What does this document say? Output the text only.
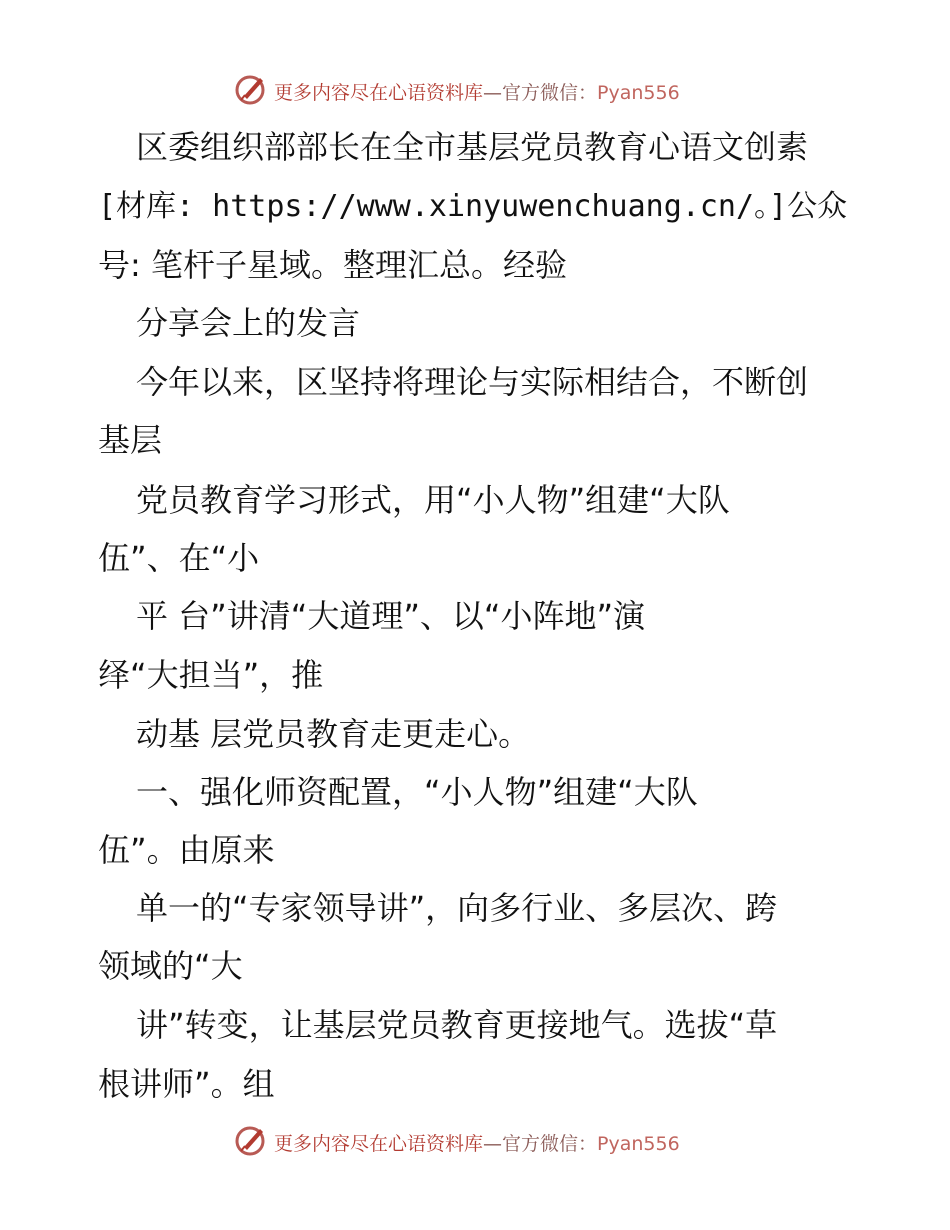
更多内容尽在心语资料库—官方微信：Pyan556
区委组织部部长在全市基层党员教育心语文创素
[材库: https://www.xinyuwenchuang.cn/。]公众
号: 笔杆子星域。整理汇总。经验
分享会上的发言
今年以来，区坚持将理论与实际相结合，不断创
基层
党员教育学习形式，用“小人物”组建“大队
伍”、在“小
平 台”讲清“大道理”、以“小阵地”演
绎“大担当”，推
动基 层党员教育走更走心。
一、强化师资配置，“小人物”组建“大队
伍”。由原来
单一的“专家领导讲”，向多行业、多层次、跨
领域的“大
讲”转变，让基层党员教育更接地气。选拔“草
根讲师”。组
更多内容尽在心语资料库—官方微信：Pyan556
